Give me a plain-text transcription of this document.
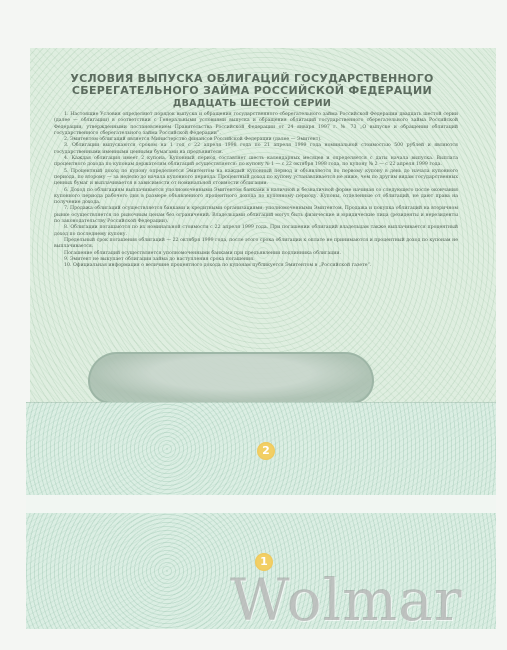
УСЛОВИЯ ВЫПУСКА ОБЛИГАЦИЙ ГОСУДАРСТВЕННОГО
СБЕРЕГАТЕЛЬНОГО ЗАЙМА РОССИЙСКОЙ ФЕДЕРАЦИИ
ДВАДЦАТЬ ШЕСТОЙ СЕРИИ

1. Настоящие Условия определяют порядок выпуска и обращения государственного сберегательного займа Российской Федерации двадцать шестой серии (далее — облигации) в соответствии с Генеральными условиями выпуска и обращения облигаций государственного сберегательного займа Российской Федерации, утвержденными постановлением Правительства Российской Федерации от 24 января 1997 г. № 73 „О выпуске и обращении облигаций государственного сберегательного займа Российской Федерации“.

2. Эмитентом облигаций является Министерство финансов Российской Федерации (далее — Эмитент).

3. Облигации выпускаются сроком на 1 год с 22 апреля 1998 года по 21 апреля 1999 года номинальной стоимостью 500 рублей и являются государственными именными ценными бумагами на предъявителя.

4. Каждая облигация имеет 2 купона. Купонный период составляет шесть календарных месяцев и определяется с даты начала выпуска. Выплата процентного дохода по купонам держателям облигаций осуществляется: по купону № 1 — с 22 октября 1998 года, по купону № 2 — с 22 апреля 1999 года.

5. Процентный доход по купону определяется Эмитентом на каждый купонный период и объявляется по первому купону в день до начала купонного периода, по второму — за неделю до начала купонного периода. Процентный доход по купону устанавливается не ниже, чем по другим видам государственных ценных бумаг и выплачивается в зависимости от номинальной стоимости облигации.

6. Доход по облигациям выплачивается уполномоченными Эмитентом банками в наличной и безналичной форме начиная со следующего после окончания купонного периода рабочего дня в размере объявленного процентного дохода по купонному периоду. Купоны, отделенные от облигаций, не дают права на получение дохода.

7. Продажа облигаций осуществляется банками и кредитными организациями, уполномоченными Эмитентом. Продажа и покупка облигаций на вторичном рынке осуществляется по рыночным ценам без ограничений. Владельцами облигаций могут быть физические и юридические лица (резиденты и нерезиденты по законодательству Российской Федерации).

8. Облигации погашаются по их номинальной стоимости с 22 апреля 1999 года. При погашении облигаций владельцам также выплачивается процентный доход по последнему купону.

Предельный срок погашения облигаций — 22 октября 1999 года, после этого срока облигации к оплате не принимаются и процентный доход по купонам не выплачивается.

Погашение облигаций осуществляется уполномоченными банками при предъявлении подлинника облигации.

9. Эмитент не выкупает облигации займа до наступления срока погашения.

10. Официальная информация о величине процентного дохода по купонам публикуется Эмитентом в „Российской газете“.

2
1
Wolmar
